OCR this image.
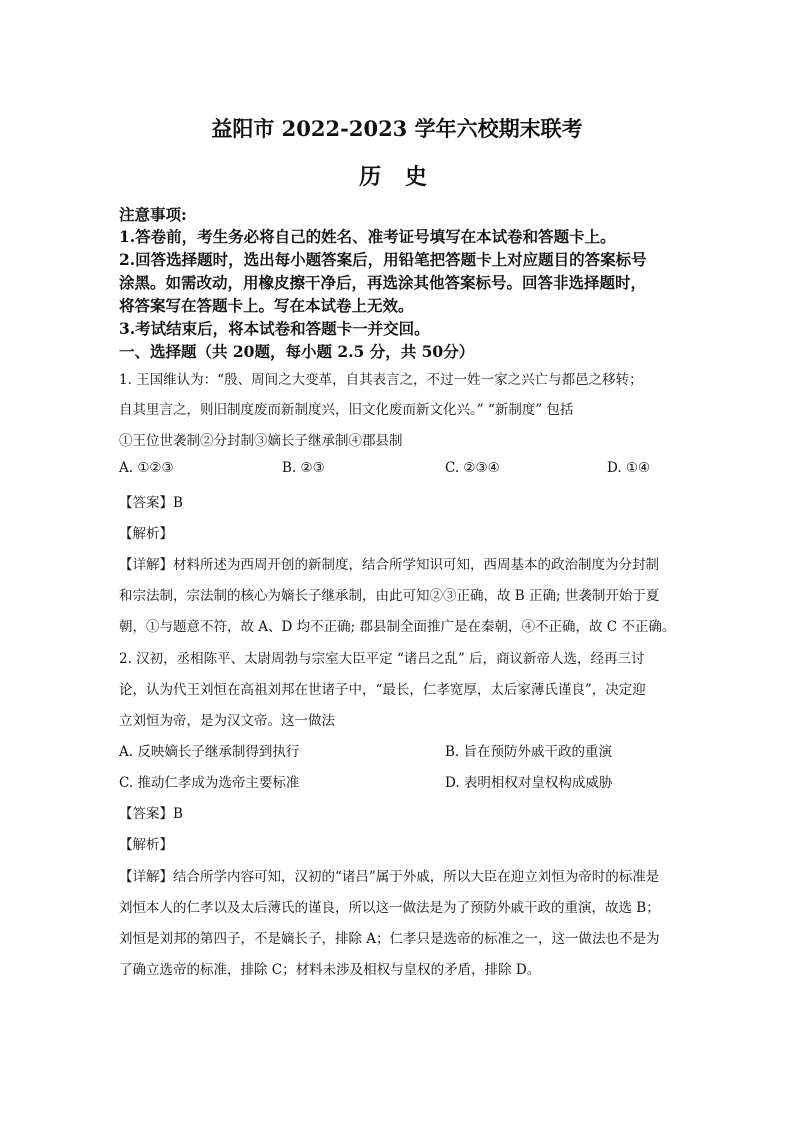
益阳市 2022-2023 学年六校期末联考
历 史
注意事项:
1.答卷前，考生务必将自己的姓名、准考证号填写在本试卷和答题卡上。
2.回答选择题时，选出每小题答案后，用铅笔把答题卡上对应题目的答案标号
涂黑。如需改动，用橡皮擦干净后，再选涂其他答案标号。回答非选择题时，
将答案写在答题卡上。写在本试卷上无效。
3.考试结束后，将本试卷和答题卡一并交回。
一、选择题（共 20题，每小题 2.5 分，共 50分）
1. 王国维认为：“殷、周间之大变革，自其表言之，不过一姓一家之兴亡与都邑之移转；
自其里言之，则旧制度废而新制度兴，旧文化废而新文化兴。” “新制度” 包括
①王位世袭制②分封制③嫡长子继承制④郡县制
A. ①②③	B. ②③	C. ②③④	D. ①④
【答案】B
【解析】
【详解】材料所述为西周开创的新制度，结合所学知识可知，西周基本的政治制度为分封制
和宗法制，宗法制的核心为嫡长子继承制，由此可知②③正确，故 B 正确; 世袭制开始于夏
朝，①与题意不符，故 A、D 均不正确; 郡县制全面推广是在秦朝，④不正确，故 C 不正确。
2. 汉初，丞相陈平、太尉周勃与宗室大臣平定 “诸吕之乱” 后，商议新帝人选，经再三讨
论，认为代王刘恒在高祖刘邦在世诸子中，“最长，仁孝宽厚，太后家薄氏谨良”，决定迎
立刘恒为帝，是为汉文帝。这一做法
A. 反映嫡长子继承制得到执行	B. 旨在预防外戚干政的重演
C. 推动仁孝成为选帝主要标准	D. 表明相权对皇权构成威胁
【答案】B
【解析】
【详解】结合所学内容可知，汉初的“诸吕”属于外戚，所以大臣在迎立刘恒为帝时的标准是
刘恒本人的仁孝以及太后薄氏的谨良，所以这一做法是为了预防外戚干政的重演，故选 B；
刘恒是刘邦的第四子，不是嫡长子，排除 A；仁孝只是选帝的标准之一，这一做法也不是为
了确立选帝的标准，排除 C；材料未涉及相权与皇权的矛盾，排除 D。
